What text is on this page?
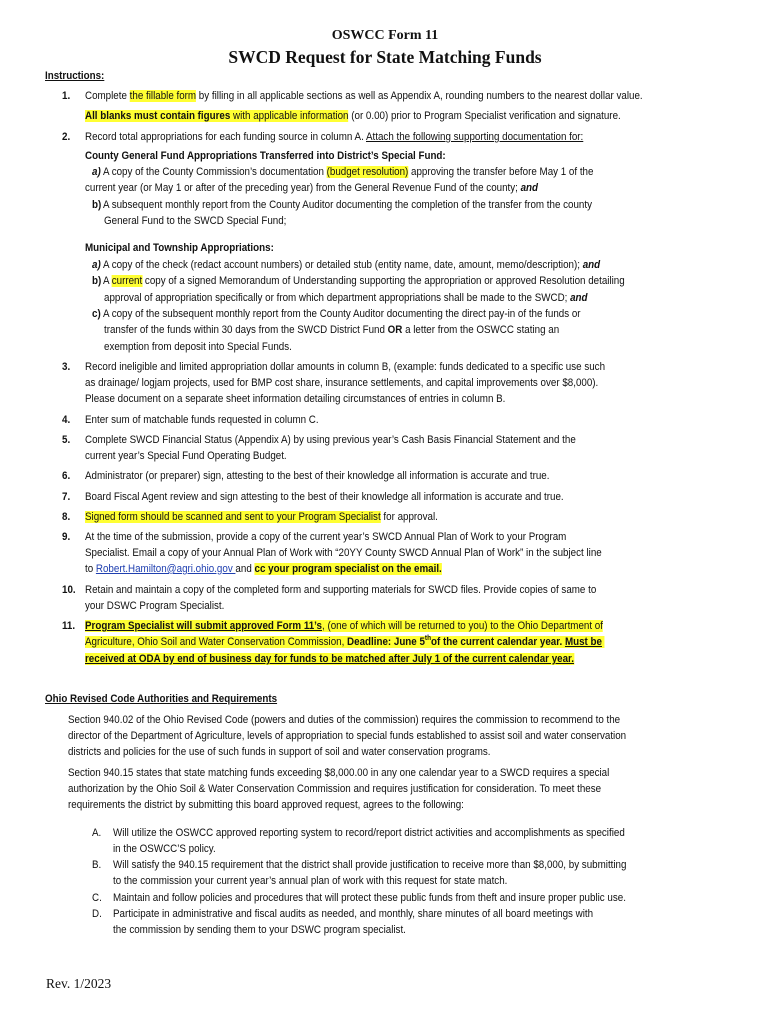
OSWCC Form 11
SWCD Request for State Matching Funds
Instructions:
1. Complete the fillable form by filling in all applicable sections as well as Appendix A, rounding numbers to the nearest dollar value.
All blanks must contain figures with applicable information (or 0.00) prior to Program Specialist verification and signature.
2. Record total appropriations for each funding source in column A. Attach the following supporting documentation for:
County General Fund Appropriations Transferred into District’s Special Fund:
a) A copy of the County Commission’s documentation (budget resolution) approving the transfer before May 1 of the
current year (or May 1 or after of the preceding year) from the General Revenue Fund of the county; and
b) A subsequent monthly report from the County Auditor documenting the completion of the transfer from the county
General Fund to the SWCD Special Fund;
Municipal and Township Appropriations:
a) A copy of the check (redact account numbers) or detailed stub (entity name, date, amount, memo/description); and
b) A current copy of a signed Memorandum of Understanding supporting the appropriation or approved Resolution detailing
approval of appropriation specifically or from which department appropriations shall be made to the SWCD; and
c) A copy of the subsequent monthly report from the County Auditor documenting the direct pay-in of the funds or
transfer of the funds within 30 days from the SWCD District Fund OR a letter from the OSWCC stating an
exemption from deposit into Special Funds.
3. Record ineligible and limited appropriation dollar amounts in column B, (example: funds dedicated to a specific use such
as drainage/ logjam projects, used for BMP cost share, insurance settlements, and capital improvements over $8,000).
Please document on a separate sheet information detailing circumstances of entries in column B.
4. Enter sum of matchable funds requested in column C.
5. Complete SWCD Financial Status (Appendix A) by using previous year’s Cash Basis Financial Statement and the
current year’s Special Fund Operating Budget.
6. Administrator (or preparer) sign, attesting to the best of their knowledge all information is accurate and true.
7. Board Fiscal Agent review and sign attesting to the best of their knowledge all information is accurate and true.
8. Signed form should be scanned and sent to your Program Specialist for approval.
9. At the time of the submission, provide a copy of the current year’s SWCD Annual Plan of Work to your Program
Specialist. Email a copy of your Annual Plan of Work with “20YY County SWCD Annual Plan of Work” in the subject line
to Robert.Hamilton@agri.ohio.gov and cc your program specialist on the email.
10. Retain and maintain a copy of the completed form and supporting materials for SWCD files. Provide copies of same to
your DSWC Program Specialist.
11. Program Specialist will submit approved Form 11’s, (one of which will be returned to you) to the Ohio Department of
Agriculture, Ohio Soil and Water Conservation Commission, Deadline: June 5thof the current calendar year. Must be
received at ODA by end of business day for funds to be matched after July 1 of the current calendar year.
Ohio Revised Code Authorities and Requirements
Section 940.02 of the Ohio Revised Code (powers and duties of the commission) requires the commission to recommend to the
director of the Department of Agriculture, levels of appropriation to special funds established to assist soil and water conservation
districts and policies for the use of such funds in support of soil and water conservation programs.
Section 940.15 states that state matching funds exceeding $8,000.00 in any one calendar year to a SWCD requires a special
authorization by the Ohio Soil & Water Conservation Commission and requires justification for consideration. To meet these
requirements the district by submitting this board approved request, agrees to the following:
A. Will utilize the OSWCC approved reporting system to record/report district activities and accomplishments as specified
in the OSWCC’S policy.
B. Will satisfy the 940.15 requirement that the district shall provide justification to receive more than $8,000, by submitting
to the commission your current year’s annual plan of work with this request for state match.
C. Maintain and follow policies and procedures that will protect these public funds from theft and insure proper public use.
D. Participate in administrative and fiscal audits as needed, and monthly, share minutes of all board meetings with
the commission by sending them to your DSWC program specialist.
Rev. 1/2023
